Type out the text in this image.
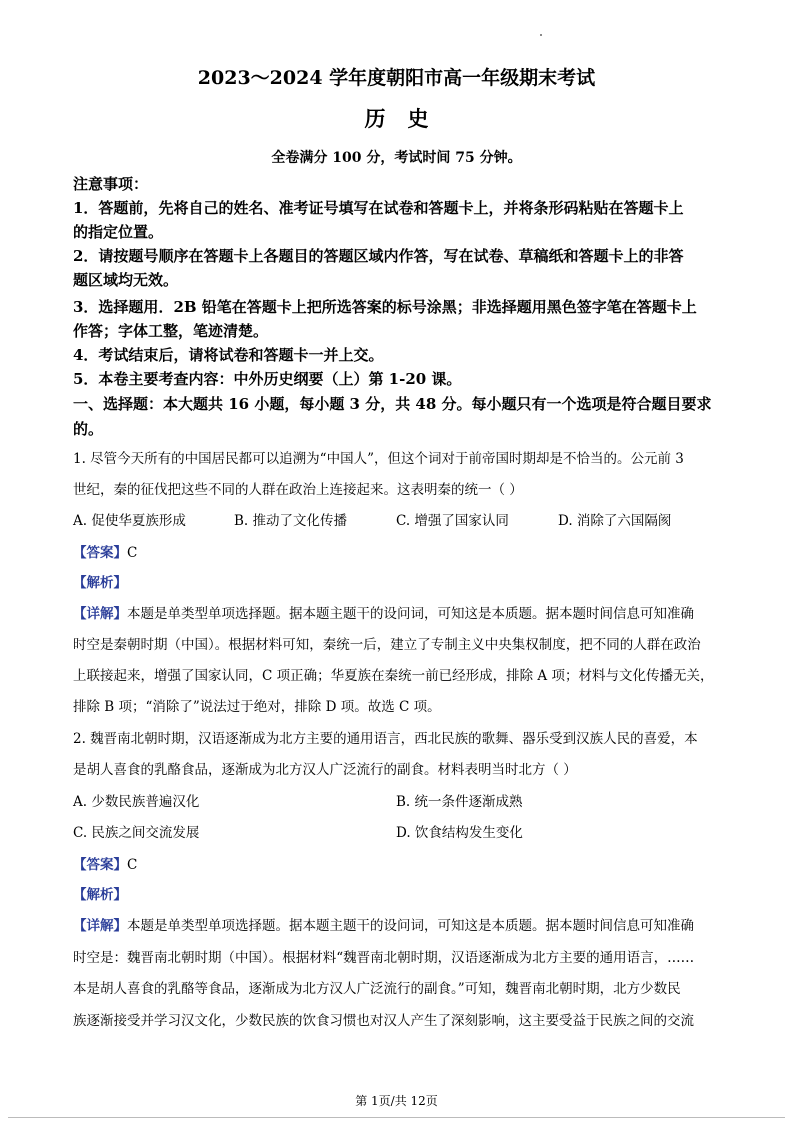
2023～2024 学年度朝阳市高一年级期末考试
历史
全卷满分 100 分，考试时间 75 分钟。
注意事项：
1．答题前，先将自己的姓名、准考证号填写在试卷和答题卡上，并将条形码粘贴在答题卡上
的指定位置。
2．请按题号顺序在答题卡上各题目的答题区域内作答，写在试卷、草稿纸和答题卡上的非答
题区域均无效。
3．选择题用．2B 铅笔在答题卡上把所选答案的标号涂黑；非选择题用黑色签字笔在答题卡上
作答；字体工整，笔迹清楚。
4．考试结束后，请将试卷和答题卡一并上交。
5．本卷主要考查内容：中外历史纲要（上）第 1-20 课。
一、选择题：本大题共 16 小题，每小题 3 分，共 48 分。每小题只有一个选项是符合题目要求
的。
1. 尽管今天所有的中国居民都可以追溯为“中国人”，但这个词对于前帝国时期却是不恰当的。公元前 3
世纪，秦的征伐把这些不同的人群在政治上连接起来。这表明秦的统一（ ）
A. 促使华夏族形成	B. 推动了文化传播	C. 增强了国家认同	D. 消除了六国隔阂
【答案】C
【解析】
【详解】本题是单类型单项选择题。据本题主题干的设问词，可知这是本质题。据本题时间信息可知准确
时空是秦朝时期（中国）。根据材料可知，秦统一后，建立了专制主义中央集权制度，把不同的人群在政治
上联接起来，增强了国家认同，C 项正确；华夏族在秦统一前已经形成，排除 A 项；材料与文化传播无关，
排除 B 项；“消除了”说法过于绝对，排除 D 项。故选 C 项。
2. 魏晋南北朝时期，汉语逐渐成为北方主要的通用语言，西北民族的歌舞、器乐受到汉族人民的喜爱，本
是胡人喜食的乳酪食品，逐渐成为北方汉人广泛流行的副食。材料表明当时北方（ ）
A. 少数民族普遍汉化	B. 统一条件逐渐成熟
C. 民族之间交流发展	D. 饮食结构发生变化
【答案】C
【解析】
【详解】本题是单类型单项选择题。据本题主题干的设问词，可知这是本质题。据本题时间信息可知准确
时空是：魏晋南北朝时期（中国）。根据材料“魏晋南北朝时期，汉语逐渐成为北方主要的通用语言，……
本是胡人喜食的乳酪等食品，逐渐成为北方汉人广泛流行的副食。”可知，魏晋南北朝时期，北方少数民
族逐渐接受并学习汉文化，少数民族的饮食习惯也对汉人产生了深刻影响，这主要受益于民族之间的交流
第 1页/共 12页
